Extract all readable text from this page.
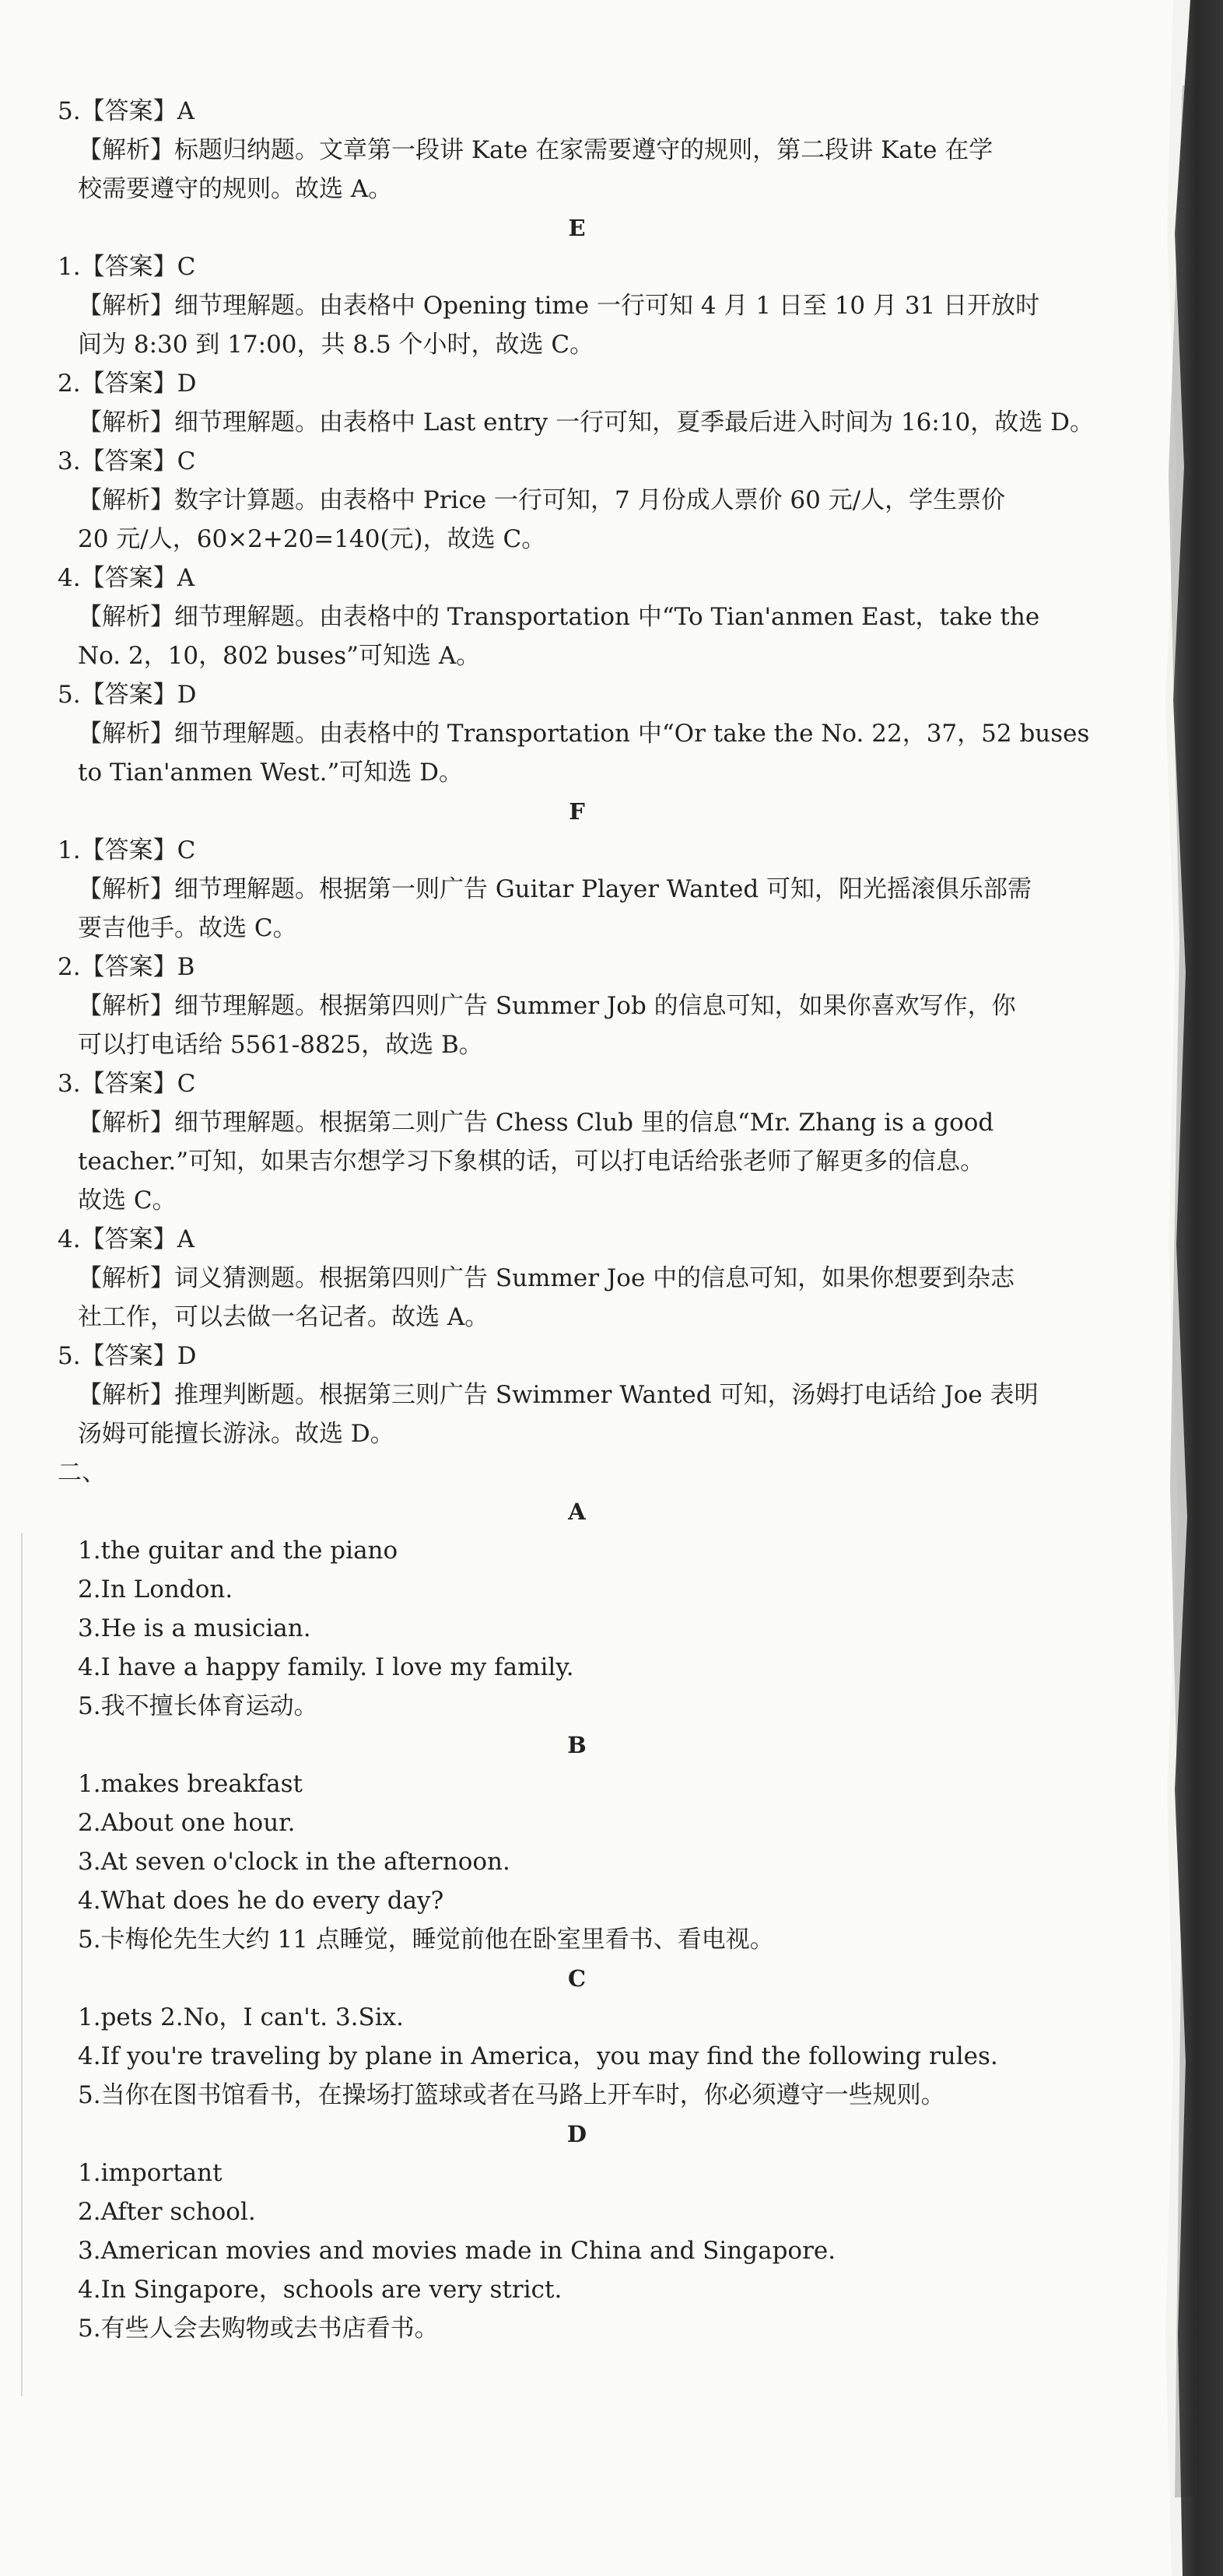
5.【答案】A
【解析】标题归纳题。文章第一段讲 Kate 在家需要遵守的规则，第二段讲 Kate 在学
校需要遵守的规则。故选 A。
E
1.【答案】C
【解析】细节理解题。由表格中 Opening time 一行可知 4 月 1 日至 10 月 31 日开放时
间为 8:30 到 17:00，共 8.5 个小时，故选 C。
2.【答案】D
【解析】细节理解题。由表格中 Last entry 一行可知，夏季最后进入时间为 16:10，故选 D。
3.【答案】C
【解析】数字计算题。由表格中 Price 一行可知，7 月份成人票价 60 元/人，学生票价
20 元/人，60×2+20=140(元)，故选 C。
4.【答案】A
【解析】细节理解题。由表格中的 Transportation 中“To Tian'anmen East，take the
No. 2，10，802 buses”可知选 A。
5.【答案】D
【解析】细节理解题。由表格中的 Transportation 中“Or take the No. 22，37，52 buses
to Tian'anmen West.”可知选 D。
F
1.【答案】C
【解析】细节理解题。根据第一则广告 Guitar Player Wanted 可知，阳光摇滚俱乐部需
要吉他手。故选 C。
2.【答案】B
【解析】细节理解题。根据第四则广告 Summer Job 的信息可知，如果你喜欢写作，你
可以打电话给 5561-8825，故选 B。
3.【答案】C
【解析】细节理解题。根据第二则广告 Chess Club 里的信息“Mr. Zhang is a good
teacher.”可知，如果吉尔想学习下象棋的话，可以打电话给张老师了解更多的信息。
故选 C。
4.【答案】A
【解析】词义猜测题。根据第四则广告 Summer Joe 中的信息可知，如果你想要到杂志
社工作，可以去做一名记者。故选 A。
5.【答案】D
【解析】推理判断题。根据第三则广告 Swimmer Wanted 可知，汤姆打电话给 Joe 表明
汤姆可能擅长游泳。故选 D。
二、
A
1.the guitar and the piano
2.In London.
3.He is a musician.
4.I have a happy family. I love my family.
5.我不擅长体育运动。
B
1.makes breakfast
2.About one hour.
3.At seven o'clock in the afternoon.
4.What does he do every day?
5.卡梅伦先生大约 11 点睡觉，睡觉前他在卧室里看书、看电视。
C
1.pets 2.No，I can't. 3.Six.
4.If you're traveling by plane in America，you may find the following rules.
5.当你在图书馆看书，在操场打篮球或者在马路上开车时，你必须遵守一些规则。
D
1.important
2.After school.
3.American movies and movies made in China and Singapore.
4.In Singapore，schools are very strict.
5.有些人会去购物或去书店看书。
